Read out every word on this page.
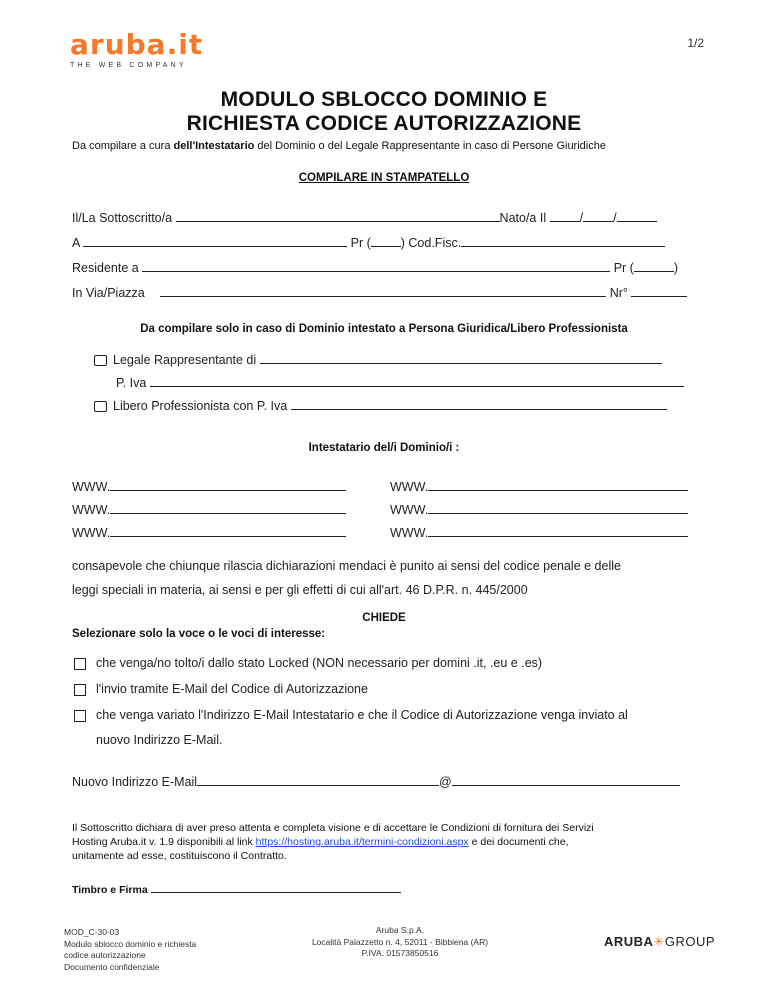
aruba.it
THE WEB COMPANY
1/2
MODULO SBLOCCO DOMINIO E
RICHIESTA CODICE AUTORIZZAZIONE
Da compilare a cura dell'Intestatario del Dominio o del Legale Rappresentante in caso di Persone Giuridiche
COMPILARE IN STAMPATELLO
Il/La Sottoscritto/a	Nato/a Il	/ /
A	Pr ( ) Cod.Fisc.
Residente a	Pr (	)
In Via/Piazza	Nr°
Da compilare solo in caso di Dominio intestato a Persona Giuridica/Libero Professionista
Legale Rappresentante di
P. Iva
Libero Professionista con P. Iva
Intestatario del/i Dominio/i :
WWW.	WWW.
WWW.	WWW.
WWW.	WWW.
consapevole che chiunque rilascia dichiarazioni mendaci è punito ai sensi del codice penale e delle
leggi speciali in materia, ai sensi e per gli effetti di cui all'art. 46 D.P.R. n. 445/2000
CHIEDE
Selezionare solo la voce o le voci di interesse:
che venga/no tolto/i dallo stato Locked (NON necessario per domini .it, .eu e .es)
l'invio tramite E-Mail del Codice di Autorizzazione
che venga variato l'Indirizzo E-Mail Intestatario e che il Codice di Autorizzazione venga inviato al
nuovo Indirizzo E-Mail.
Nuovo Indirizzo E-Mail	@
Il Sottoscritto dichiara di aver preso attenta e completa visione e di accettare le Condizioni di fornitura dei Servizi
Hosting Aruba.it v. 1.9 disponibili al link https://hosting.aruba.it/termini-condizioni.aspx e dei documenti che,
unitamente ad esse, costituiscono il Contratto.
Timbro e Firma
MOD_C-30-03
Modulo sblocco dominio e richiesta
codice autorizzazione
Documento confidenziale
Aruba S.p.A.
Località Palazzetto n. 4, 52011 - Bibbiena (AR)
P.IVA: 01573850516
ARUBA✳GROUP
